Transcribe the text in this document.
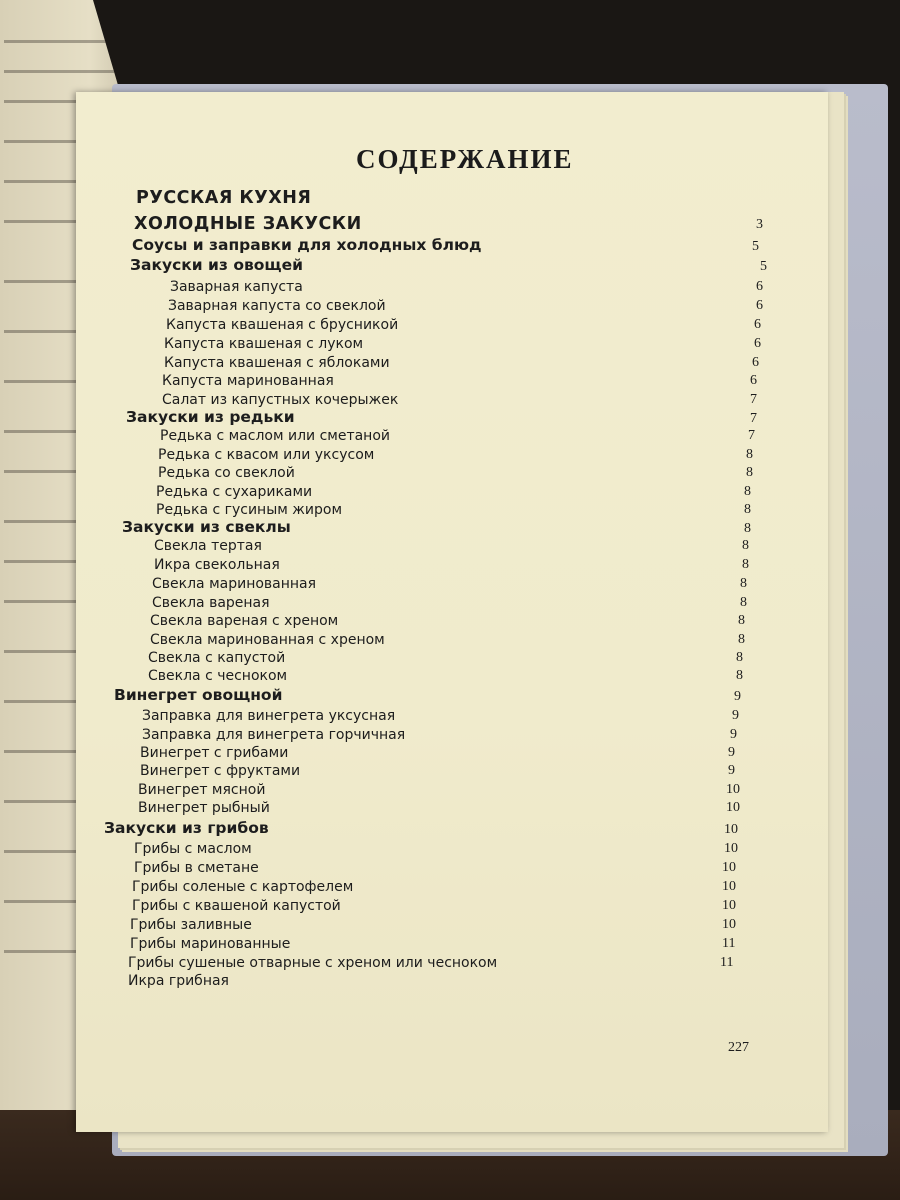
СОДЕРЖАНИЕ
РУССКАЯ КУХНЯ
ХОЛОДНЫЕ ЗАКУСКИ	3
Соусы и заправки для холодных блюд	5
Закуски из овощей	5
Заварная капуста	6
Заварная капуста со свеклой	6
Капуста квашеная с брусникой	6
Капуста квашеная с луком	6
Капуста квашеная с яблоками	6
Капуста маринованная	6
Салат из капустных кочерыжек	7
Закуски из редьки	7
Редька с маслом или сметаной	7
Редька с квасом или уксусом	8
Редька со свеклой	8
Редька с сухариками	8
Редька с гусиным жиром	8
Закуски из свеклы	8
Свекла тертая	8
Икра свекольная	8
Свекла маринованная	8
Свекла вареная	8
Свекла вареная с хреном	8
Свекла маринованная с хреном	8
Свекла с капустой	8
Свекла с чесноком	8
Винегрет овощной	9
Заправка для винегрета уксусная	9
Заправка для винегрета горчичная	9
Винегрет с грибами	9
Винегрет с фруктами	9
Винегрет мясной	10
Винегрет рыбный	10
Закуски из грибов	10
Грибы с маслом	10
Грибы в сметане	10
Грибы соленые с картофелем	10
Грибы с квашеной капустой	10
Грибы заливные	10
Грибы маринованные	11
Грибы сушеные отварные с хреном или чесноком	11
Икра грибная
227
